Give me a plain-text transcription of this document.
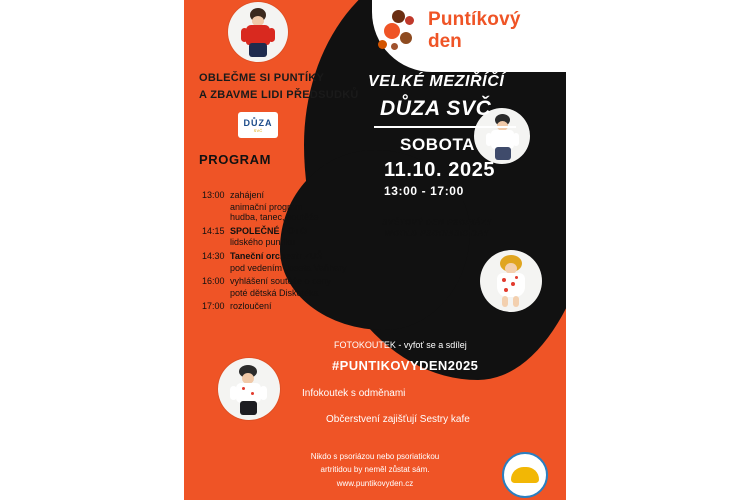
Puntíkový
den
OBLEČME SI PUNTÍKY
A ZBAVME LIDI PŘEDSUDKŮ
DŮZA
SVČ
VELKÉ MEZIŘÍČÍ
DŮZA SVČ
SOBOTA
11.10. 2025
13:00 - 17:00
SVĚTOVÝ DEN PSORIÁZY
WORLD PSORIASIS DAY
PROGRAM
13:00 zahájení
animační program
hudba, tanec, soutěže
14:15 SPOLEČNÉ FOTO
lidského puntíku
14:30 Taneční orchestr ZUŠ
pod vedením Josefa Vaňhary
16:00 vyhlášení soutěže o ceny
poté dětská Diskotéka
17:00 rozloučení
FOTOKOUTEK - vyfoť se a sdílej
#PUNTIKOVYDEN2025
Infokoutek s odměnami
Občerstvení zajišťují Sestry kafe
Nikdo s psoriázou nebo psoriatickou
artritidou by neměl zůstat sám.
www.puntikovyden.cz
